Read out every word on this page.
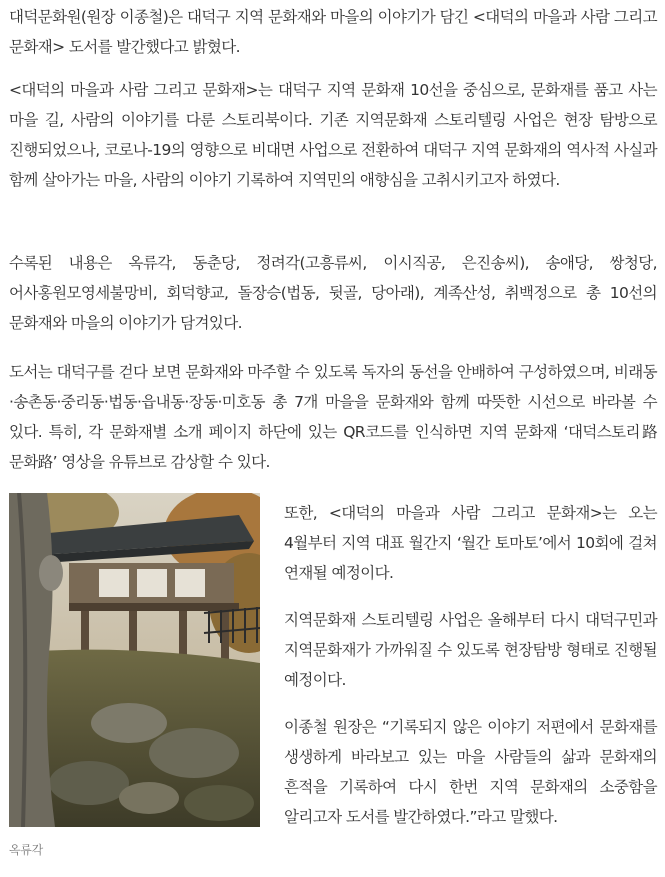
대덕문화원(원장 이종철)은 대덕구 지역 문화재와 마을의 이야기가 담긴 <대덕의 마을과 사람 그리고 문화재> 도서를 발간했다고 밝혔다.

<대덕의 마을과 사람 그리고 문화재>는 대덕구 지역 문화재 10선을 중심으로, 문화재를 품고 사는 마을 길, 사람의 이야기를 다룬 스토리북이다. 기존 지역문화재 스토리텔링 사업은 현장 탐방으로 진행되었으나, 코로나-19의 영향으로 비대면 사업으로 전환하여 대덕구 지역 문화재의 역사적 사실과 함께 살아가는 마을, 사람의 이야기 기록하여 지역민의 애향심을 고취시키고자 하였다.

수록된 내용은 옥류각, 동춘당, 정려각(고흥류씨, 이시직공, 은진송씨), 송애당, 쌍청당, 어사홍원모영세불망비, 회덕향교, 돌장승(법동, 뒷골, 당아래), 계족산성, 취백정으로 총 10선의 문화재와 마을의 이야기가 담겨있다.

도서는 대덕구를 걷다 보면 문화재와 마주할 수 있도록 독자의 동선을 안배하여 구성하였으며, 비래동·송촌동·중리동·법동·읍내동·장동·미호동 총 7개 마을을 문화재와 함께 따뜻한 시선으로 바라볼 수 있다. 특히, 각 문화재별 소개 페이지 하단에 있는 QR코드를 인식하면 지역 문화재 ‘대덕스토리路 문화路’ 영상을 유튜브로 감상할 수 있다.

옥류각

또한, <대덕의 마을과 사람 그리고 문화재>는 오는 4월부터 지역 대표 월간지 ‘월간 토마토’에서 10회에 걸쳐 연재될 예정이다.

지역문화재 스토리텔링 사업은 올해부터 다시 대덕구민과 지역문화재가 가까워질 수 있도록 현장탐방 형태로 진행될 예정이다.

이종철 원장은 “기록되지 않은 이야기 저편에서 문화재를 생생하게 바라보고 있는 마을 사람들의 삶과 문화재의 흔적을 기록하여 다시 한번 지역 문화재의 소중함을 알리고자 도서를 발간하였다.”라고 말했다.
